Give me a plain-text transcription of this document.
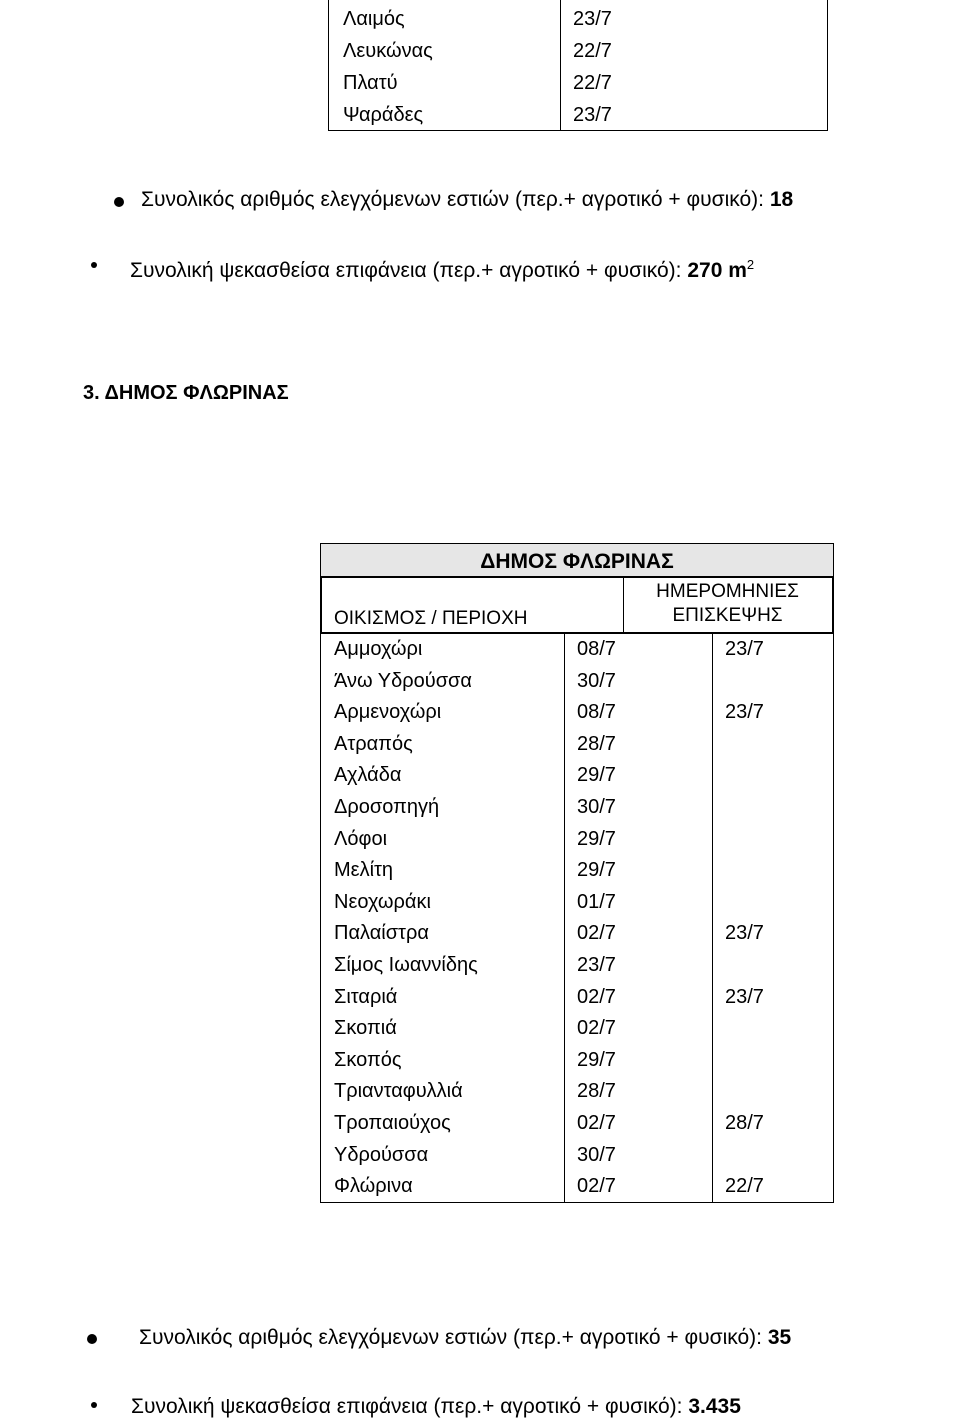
Λαιμός	23/7
Λευκώνας	22/7
Πλατύ	22/7
Ψαράδες	23/7
Συνολικός αριθμός ελεγχόμενων εστιών (περ.+ αγροτικό + φυσικό): 18
Συνολική ψεκασθείσα επιφάνεια (περ.+ αγροτικό + φυσικό): 270 $m^2$
3. ΔΗΜΟΣ ΦΛΩΡΙΝΑΣ
ΔΗΜΟΣ ΦΛΩΡΙΝΑΣ
ΟΙΚΙΣΜΟΣ / ΠΕΡΙΟΧΗ
ΗΜΕΡΟΜΗΝΙΕΣ
ΕΠΙΣΚΕΨΗΣ
Αμμοχώρι	08/7	23/7
Άνω Υδρούσσα	30/7
Αρμενοχώρι	08/7	23/7
Ατραπός	28/7
Αχλάδα	29/7
Δροσοπηγή	30/7
Λόφοι	29/7
Μελίτη	29/7
Νεοχωράκι	01/7
Παλαίστρα	02/7	23/7
Σίμος Ιωαννίδης	23/7
Σιταριά	02/7	23/7
Σκοπιά	02/7
Σκοπός	29/7
Τριανταφυλλιά	28/7
Τροπαιούχος	02/7	28/7
Υδρούσσα	30/7
Φλώρινα	02/7	22/7
Συνολικός αριθμός ελεγχόμενων εστιών (περ.+ αγροτικό + φυσικό): 35
Συνολική ψεκασθείσα επιφάνεια (περ.+ αγροτικό + φυσικό): 3.435
